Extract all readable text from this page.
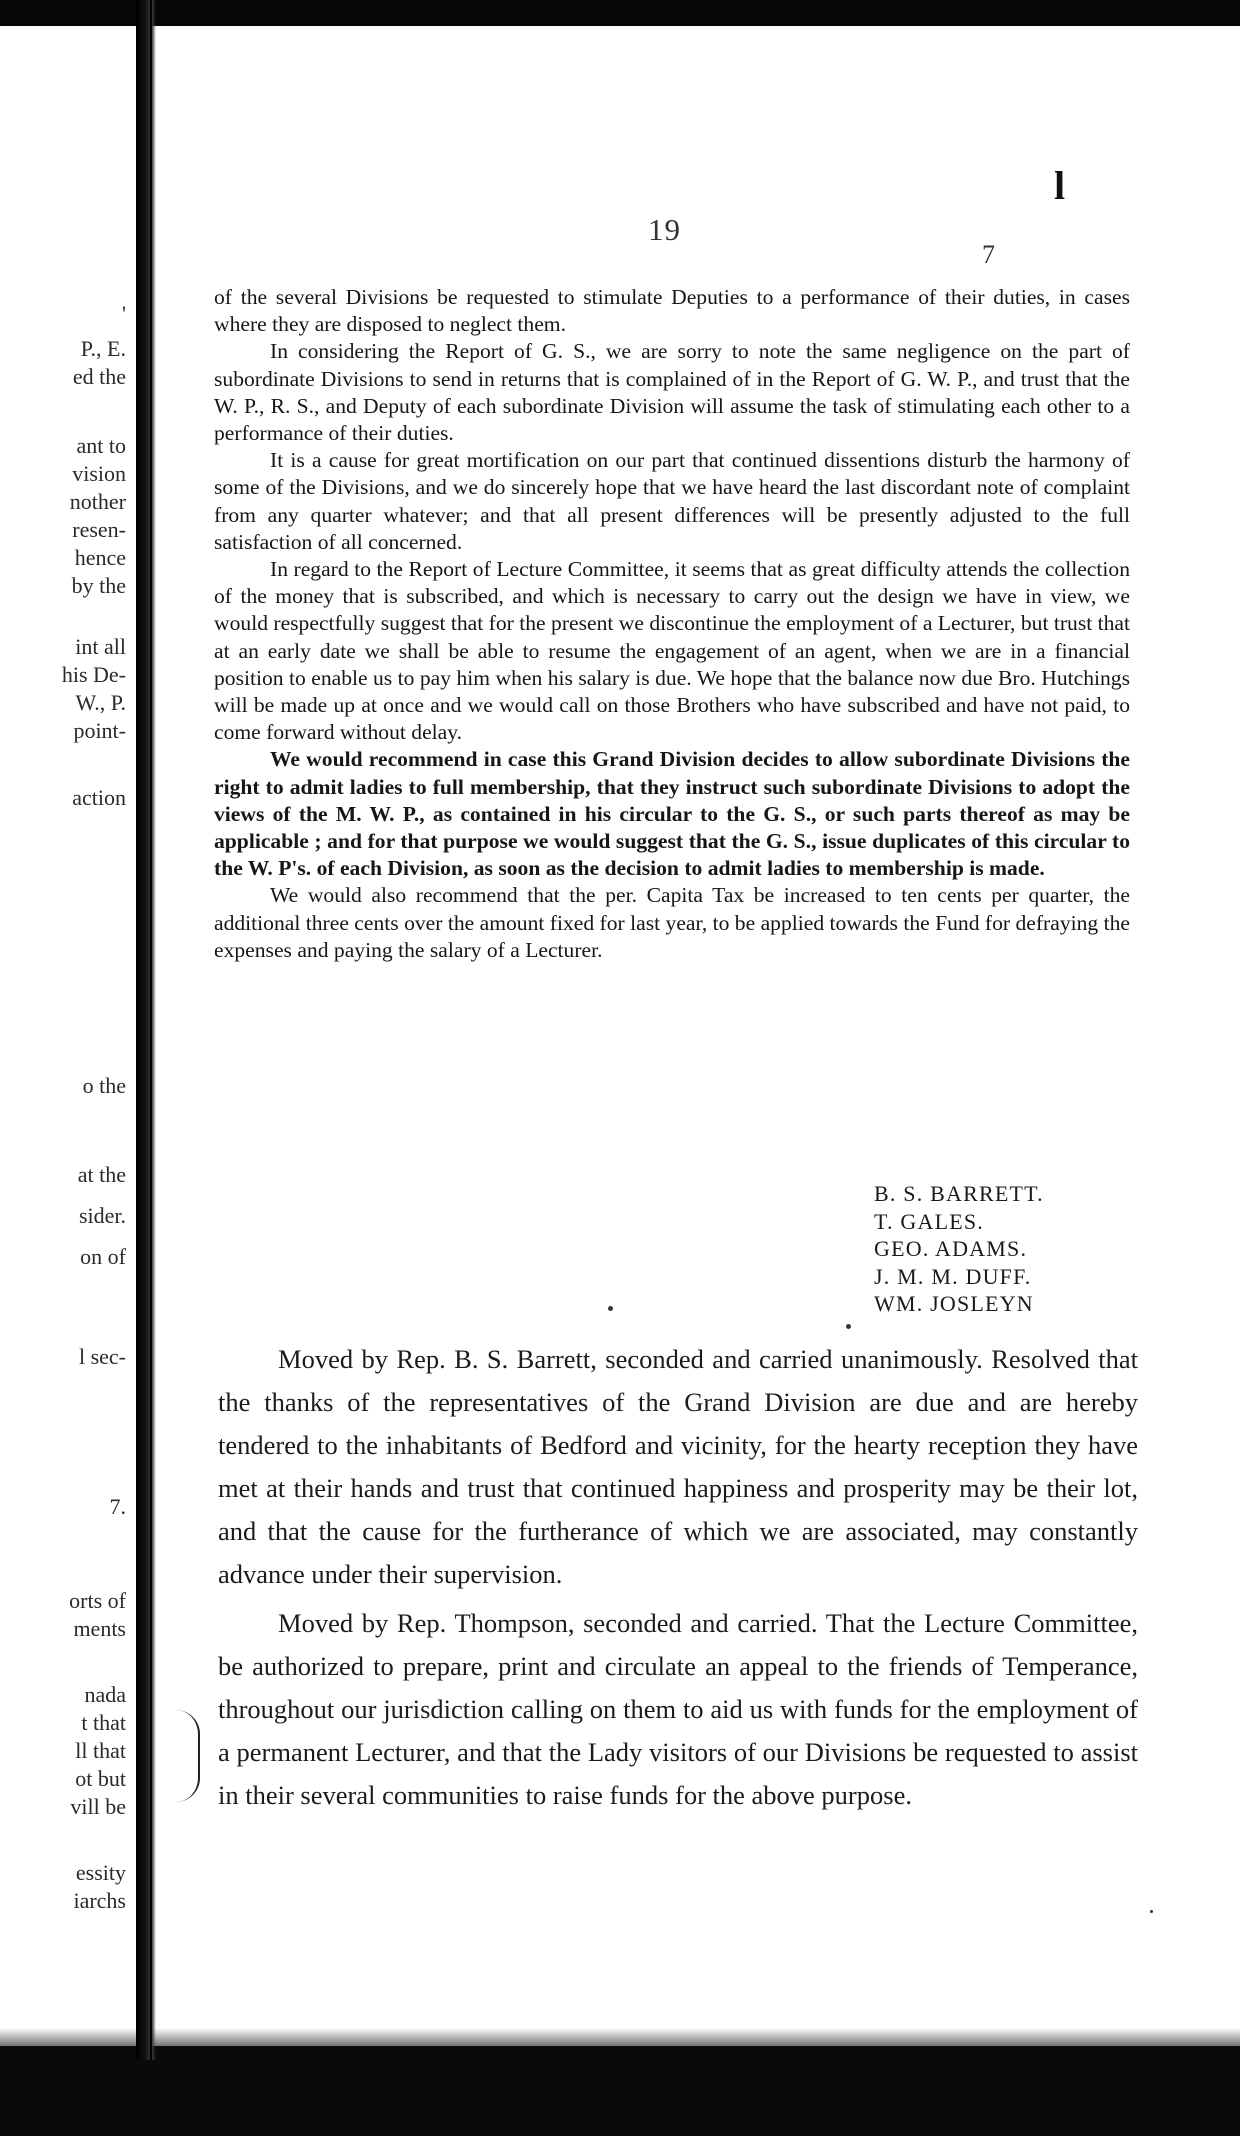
'
P., E.
ed the
ant to
vision
nother
resen-
hence
by the
int all
his De-
W., P.
point-
action
o the
at the
sider.
on of
l sec-
7.
orts of
ments
nada
t that
ll that
ot but
vill be
essity
iarchs
19
l
7

of the several Divisions be requested to stimulate Deputies to a performance of their duties, in cases where they are disposed to neglect them.

In considering the Report of G. S., we are sorry to note the same negligence on the part of subordinate Divisions to send in returns that is complained of in the Report of G. W. P., and trust that the W. P., R. S., and Deputy of each subordinate Division will assume the task of stimulating each other to a performance of their duties.

It is a cause for great mortification on our part that continued dissentions disturb the harmony of some of the Divisions, and we do sincerely hope that we have heard the last discordant note of complaint from any quarter whatever; and that all present differences will be presently adjusted to the full satisfaction of all concerned.

In regard to the Report of Lecture Committee, it seems that as great difficulty attends the collection of the money that is subscribed, and which is necessary to carry out the design we have in view, we would respectfully suggest that for the present we discontinue the employment of a Lecturer, but trust that at an early date we shall be able to resume the engagement of an agent, when we are in a financial position to enable us to pay him when his salary is due. We hope that the balance now due Bro. Hutchings will be made up at once and we would call on those Brothers who have subscribed and have not paid, to come forward without delay.

We would recommend in case this Grand Division decides to allow subordinate Divisions the right to admit ladies to full membership, that they instruct such subordinate Divisions to adopt the views of the M. W. P., as contained in his circular to the G. S., or such parts thereof as may be applicable ; and for that purpose we would suggest that the G. S., issue duplicates of this circular to the W. P's. of each Division, as soon as the decision to admit ladies to membership is made.

We would also recommend that the per. Capita Tax be increased to ten cents per quarter, the additional three cents over the amount fixed for last year, to be applied towards the Fund for defraying the expenses and paying the salary of a Lecturer.

B. S. BARRETT.
T. GALES.
GEO. ADAMS.
J. M. M. DUFF.
WM. JOSLEYN

Moved by Rep. B. S. Barrett, seconded and carried unanimously. Resolved that the thanks of the representatives of the Grand Division are due and are hereby tendered to the inhabitants of Bedford and vicinity, for the hearty reception they have met at their hands and trust that continued happiness and prosperity may be their lot, and that the cause for the furtherance of which we are associated, may constantly advance under their supervision.

Moved by Rep. Thompson, seconded and carried. That the Lecture Committee, be authorized to prepare, print and circulate an appeal to the friends of Temperance, throughout our jurisdiction calling on them to aid us with funds for the employment of a permanent Lecturer, and that the Lady visitors of our Divisions be requested to assist in their several communities to raise funds for the above purpose.
